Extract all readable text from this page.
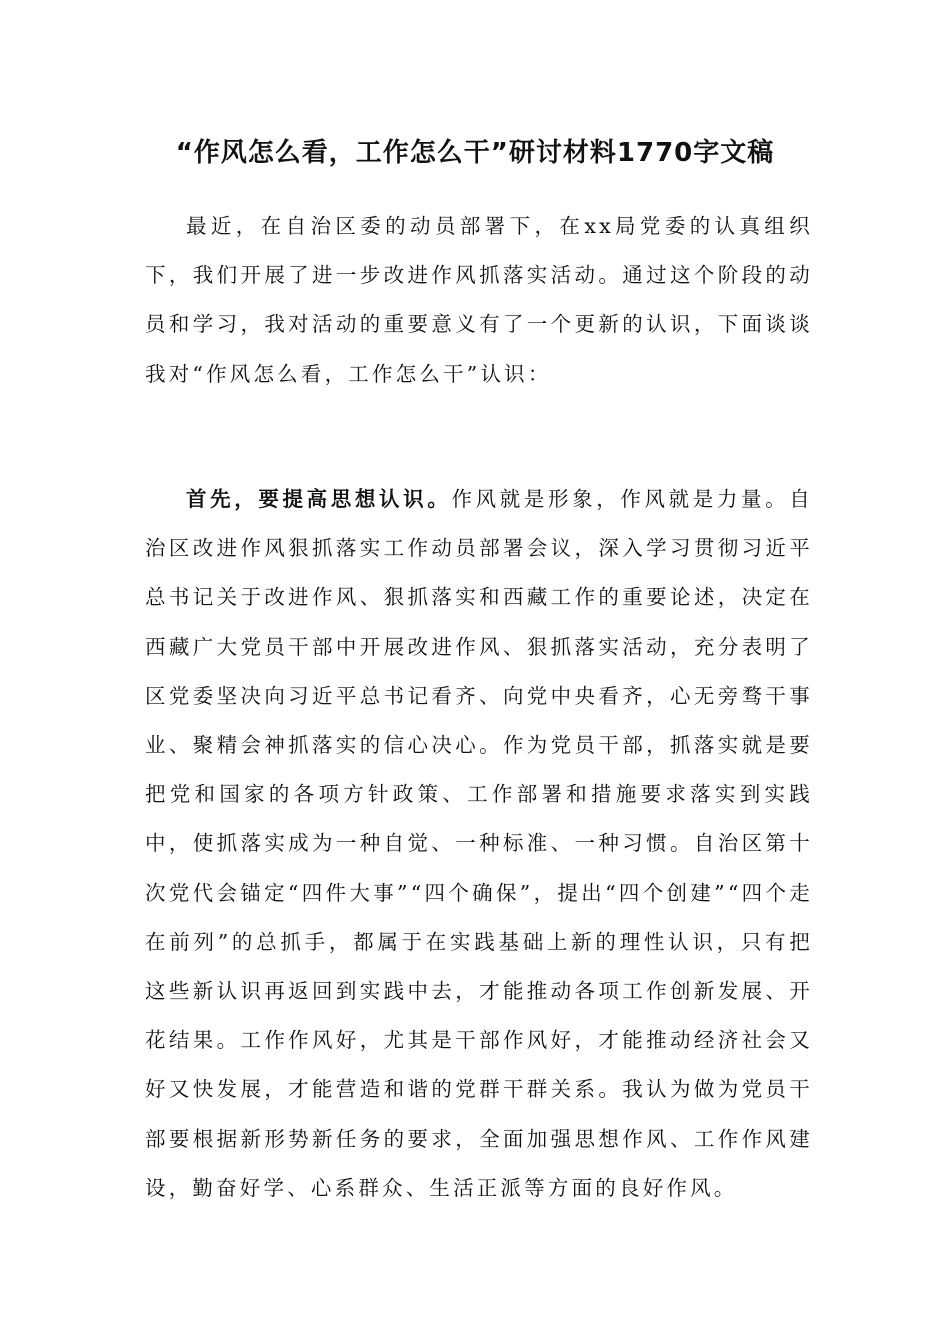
“作风怎么看，工作怎么干”研讨材料1770字文稿

最近，在自治区委的动员部署下，在xx局党委的认真组织下，我们开展了进一步改进作风抓落实活动。通过这个阶段的动员和学习，我对活动的重要意义有了一个更新的认识，下面谈谈我对“作风怎么看，工作怎么干”认识：

首先，要提高思想认识。作风就是形象，作风就是力量。自治区改进作风狠抓落实工作动员部署会议，深入学习贯彻习近平总书记关于改进作风、狠抓落实和西藏工作的重要论述，决定在西藏广大党员干部中开展改进作风、狠抓落实活动，充分表明了区党委坚决向习近平总书记看齐、向党中央看齐，心无旁骛干事业、聚精会神抓落实的信心决心。作为党员干部，抓落实就是要把党和国家的各项方针政策、工作部署和措施要求落实到实践中，使抓落实成为一种自觉、一种标准、一种习惯。自治区第十次党代会锚定“四件大事”“四个确保”，提出“四个创建”“四个走在前列”的总抓手，都属于在实践基础上新的理性认识，只有把这些新认识再返回到实践中去，才能推动各项工作创新发展、开花结果。工作作风好，尤其是干部作风好，才能推动经济社会又好又快发展，才能营造和谐的党群干群关系。我认为做为党员干部要根据新形势新任务的要求，全面加强思想作风、工作作风建设，勤奋好学、心系群众、生活正派等方面的良好作风。
